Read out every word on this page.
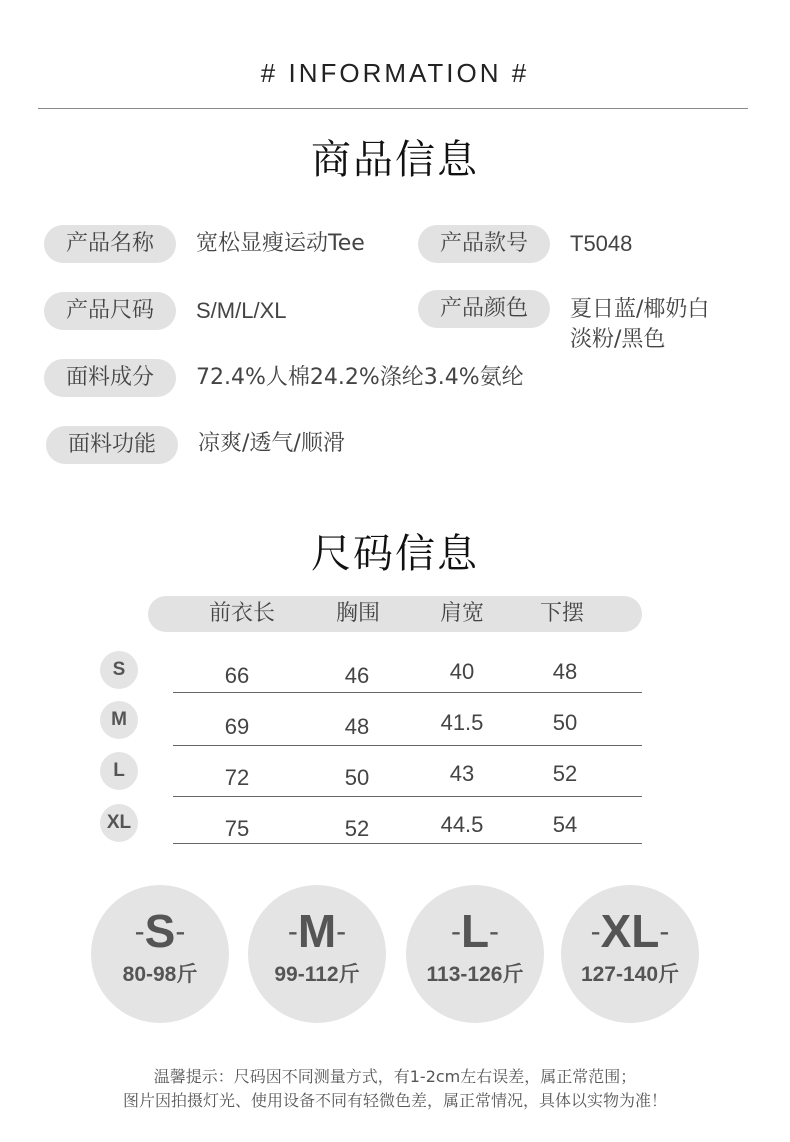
# INFORMATION #
商品信息
产品名称	宽松显瘦运动Tee	产品款号	T5048
产品尺码	S/M/L/XL	产品颜色	夏日蓝/椰奶白
淡粉/黑色
面料成分	72.4%人棉24.2%涤纶3.4%氨纶
面料功能	凉爽/透气/顺滑
尺码信息
前衣长	胸围	肩宽	下摆
S	66	46	40	48
M	69	48	41.5	50
L	72	50	43	52
XL	75	52	44.5	54
-S-
80-98斤
-M-
99-112斤
-L-
113-126斤
-XL-
127-140斤
温馨提示：尺码因不同测量方式，有1-2cm左右误差，属正常范围；
图片因拍摄灯光、使用设备不同有轻微色差，属正常情况，具体以实物为准！
